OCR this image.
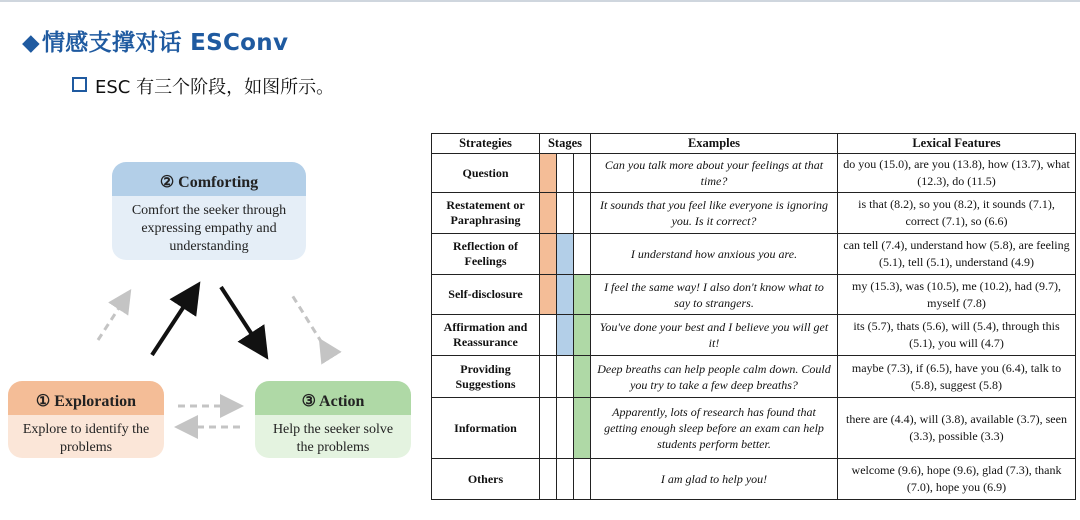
◆情感支撑对话 ESConv
ESC 有三个阶段，如图所示。
② Comforting
Comfort the seeker through expressing empathy and understanding
① Exploration
Explore to identify the problems
③ Action
Help the seeker solve the problems
Strategies	Stages			Examples	Lexical Features
Question				Can you talk more about your feelings at that time?	do you (15.0), are you (13.8), how (13.7), what (12.3), do (11.5)
Restatement or Paraphrasing				It sounds that you feel like everyone is ignoring you. Is it correct?	is that (8.2), so you (8.2), it sounds (7.1), correct (7.1), so (6.6)
Reflection of Feelings				I understand how anxious you are.	can tell (7.4), understand how (5.8), are feeling (5.1), tell (5.1), understand (4.9)
Self-disclosure				I feel the same way! I also don't know what to say to strangers.	my (15.3), was (10.5), me (10.2), had (9.7), myself (7.8)
Affirmation and Reassurance				You've done your best and I believe you will get it!	its (5.7), thats (5.6), will (5.4), through this (5.1), you will (4.7)
Providing Suggestions				Deep breaths can help people calm down. Could you try to take a few deep breaths?	maybe (7.3), if (6.5), have you (6.4), talk to (5.8), suggest (5.8)
Information				Apparently, lots of research has found that getting enough sleep before an exam can help students perform better.	there are (4.4), will (3.8), available (3.7), seen (3.3), possible (3.3)
Others				I am glad to help you!	welcome (9.6), hope (9.6), glad (7.3), thank (7.0), hope you (6.9)
